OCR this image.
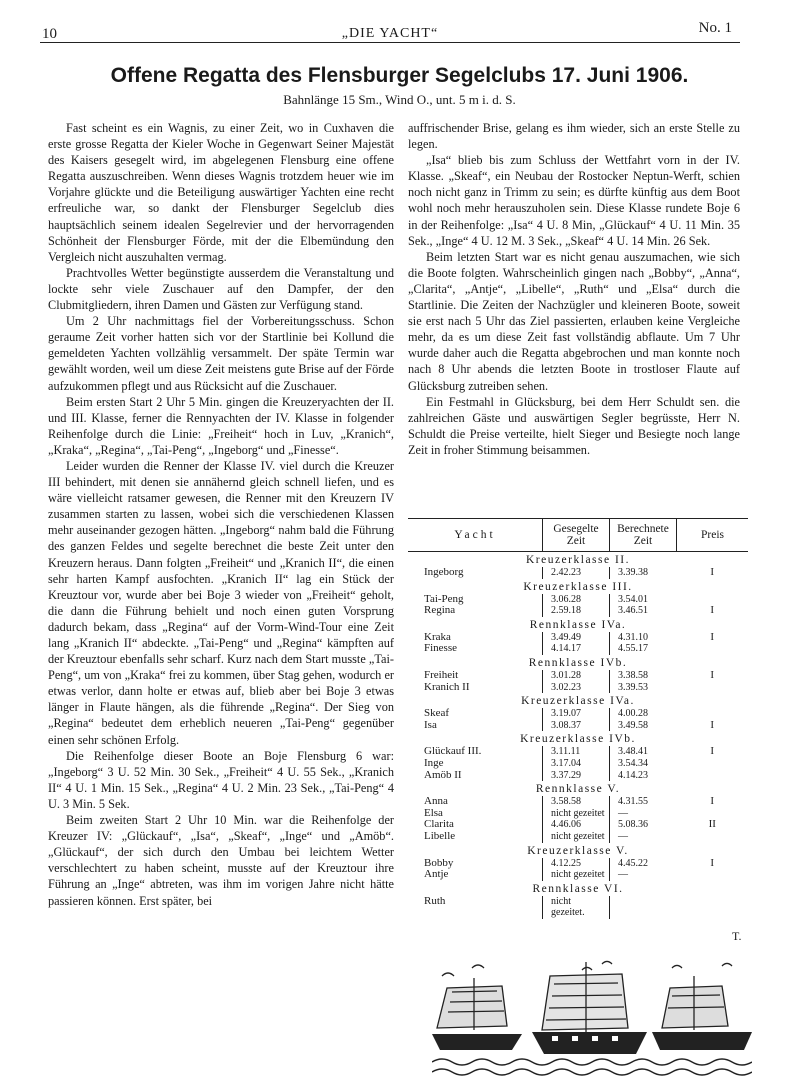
10	„DIE YACHT“	No. 1
Offene Regatta des Flensburger Segelclubs 17. Juni 1906.
Bahnlänge 15 Sm., Wind O., unt. 5 m i. d. S.

Fast scheint es ein Wagnis, zu einer Zeit, wo in Cuxhaven die erste grosse Regatta der Kieler Woche in Gegenwart Seiner Majestät des Kaisers gesegelt wird, im abgelegenen Flensburg eine offene Regatta auszuschreiben. Wenn dieses Wagnis trotzdem heuer wie im Vorjahre glückte und die Beteiligung auswärtiger Yachten eine recht erfreuliche war, so dankt der Flensburger Segelclub dies hauptsächlich seinem idealen Segelrevier und der hervorragenden Schönheit der Flensburger Förde, mit der die Elbemündung den Vergleich nicht auszuhalten vermag.

Prachtvolles Wetter begünstigte ausserdem die Veranstaltung und lockte sehr viele Zuschauer auf den Dampfer, der den Clubmitgliedern, ihren Damen und Gästen zur Verfügung stand.

Um 2 Uhr nachmittags fiel der Vorbereitungsschuss. Schon geraume Zeit vorher hatten sich vor der Startlinie bei Kollund die gemeldeten Yachten vollzählig versammelt. Der späte Termin war gewählt worden, weil um diese Zeit meistens gute Brise auf der Förde aufzukommen pflegt und aus Rücksicht auf die Zuschauer.

Beim ersten Start 2 Uhr 5 Min. gingen die Kreuzeryachten der II. und III. Klasse, ferner die Rennyachten der IV. Klasse in folgender Reihenfolge durch die Linie: „Freiheit“ hoch in Luv, „Kranich“, „Kraka“, „Regina“, „Tai-Peng“, „Ingeborg“ und „Finesse“.

Leider wurden die Renner der Klasse IV. viel durch die Kreuzer III behindert, mit denen sie annähernd gleich schnell liefen, und es wäre vielleicht ratsamer gewesen, die Renner mit den Kreuzern IV zusammen starten zu lassen, wobei sich die verschiedenen Klassen mehr auseinander gezogen hätten. „Ingeborg“ nahm bald die Führung des ganzen Feldes und segelte berechnet die beste Zeit unter den Kreuzern heraus. Dann folgten „Freiheit“ und „Kranich II“, die einen sehr harten Kampf ausfochten. „Kranich II“ lag ein Stück der Kreuztour vor, wurde aber bei Boje 3 wieder von „Freiheit“ geholt, die dann die Führung behielt und noch einen guten Vorsprung dadurch bekam, dass „Regina“ auf der Vorm-Wind-Tour eine Zeit lang „Kranich II“ abdeckte. „Tai-Peng“ und „Regina“ kämpften auf der Kreuztour ebenfalls sehr scharf. Kurz nach dem Start musste „Tai-Peng“, um von „Kraka“ frei zu kommen, über Stag gehen, wodurch er etwas verlor, dann holte er etwas auf, blieb aber bei Boje 3 etwas länger in Flaute hängen, als die führende „Regina“. Der Sieg von „Regina“ bedeutet dem erheblich neueren „Tai-Peng“ gegenüber einen sehr schönen Erfolg.

Die Reihenfolge dieser Boote an Boje Flensburg 6 war: „Ingeborg“ 3 U. 52 Min. 30 Sek., „Freiheit“ 4 U. 55 Sek., „Kranich II“ 4 U. 1 Min. 15 Sek., „Regina“ 4 U. 2 Min. 23 Sek., „Tai-Peng“ 4 U. 3 Min. 5 Sek.

Beim zweiten Start 2 Uhr 10 Min. war die Reihenfolge der Kreuzer IV: „Glückauf“, „Isa“, „Skeaf“, „Inge“ und „Amöb“. „Glückauf“, der sich durch den Umbau bei leichtem Wetter verschlechtert zu haben scheint, musste auf der Kreuztour ihre Führung an „Inge“ abtreten, was ihm im vorigen Jahre nicht hätte passieren können. Erst später, bei

auffrischender Brise, gelang es ihm wieder, sich an erste Stelle zu legen.

„Isa“ blieb bis zum Schluss der Wettfahrt vorn in der IV. Klasse. „Skeaf“, ein Neubau der Rostocker Neptun-Werft, schien noch nicht ganz in Trimm zu sein; es dürfte künftig aus dem Boot wohl noch mehr herauszuholen sein. Diese Klasse rundete Boje 6 in der Reihenfolge: „Isa“ 4 U. 8 Min, „Glückauf“ 4 U. 11 Min. 35 Sek., „Inge“ 4 U. 12 M. 3 Sek., „Skeaf“ 4 U. 14 Min. 26 Sek.

Beim letzten Start war es nicht genau auszumachen, wie sich die Boote folgten. Wahrscheinlich gingen nach „Bobby“, „Anna“, „Clarita“, „Antje“, „Libelle“, „Ruth“ und „Elsa“ durch die Startlinie. Die Zeiten der Nachzügler und kleineren Boote, soweit sie erst nach 5 Uhr das Ziel passierten, erlauben keine Vergleiche mehr, da es um diese Zeit fast vollständig abflaute. Um 7 Uhr wurde daher auch die Regatta abgebrochen und man konnte noch nach 8 Uhr abends die letzten Boote in trostloser Flaute auf Glücksburg zutreiben sehen.

Ein Festmahl in Glücksburg, bei dem Herr Schuldt sen. die zahlreichen Gäste und auswärtigen Segler begrüsste, Herr N. Schuldt die Preise verteilte, hielt Sieger und Besiegte noch lange Zeit in froher Stimmung beisammen.

Yacht	Gesegelte Zeit	Berechnete Zeit	Preis
Kreuzerklasse II.			
Ingeborg	2.42.23	3.39.38	I
Kreuzerklasse III.			
Tai-Peng	3.06.28	3.54.01	
Regina	2.59.18	3.46.51	I
Rennklasse IVa.			
Kraka	3.49.49	4.31.10	I
Finesse	4.14.17	4.55.17	
Rennklasse IVb.			
Freiheit	3.01.28	3.38.58	I
Kranich II	3.02.23	3.39.53	
Kreuzerklasse IVa.			
Skeaf	3.19.07	4.00.28	
Isa	3.08.37	3.49.58	I
Kreuzerklasse IVb.			
Glückauf III.	3.11.11	3.48.41	I
Inge	3.17.04	3.54.34	
Amöb II	3.37.29	4.14.23	
Rennklasse V.			
Anna	3.58.58	4.31.55	I
Elsa	nicht gezeitet	—	
Clarita	4.46.06	5.08.36	II
Libelle	nicht gezeitet	—	
Kreuzerklasse V.			
Bobby	4.12.25	4.45.22	I
Antje	nicht gezeitet	—	
Rennklasse VI.			
Ruth	nicht gezeitet.		
T.
